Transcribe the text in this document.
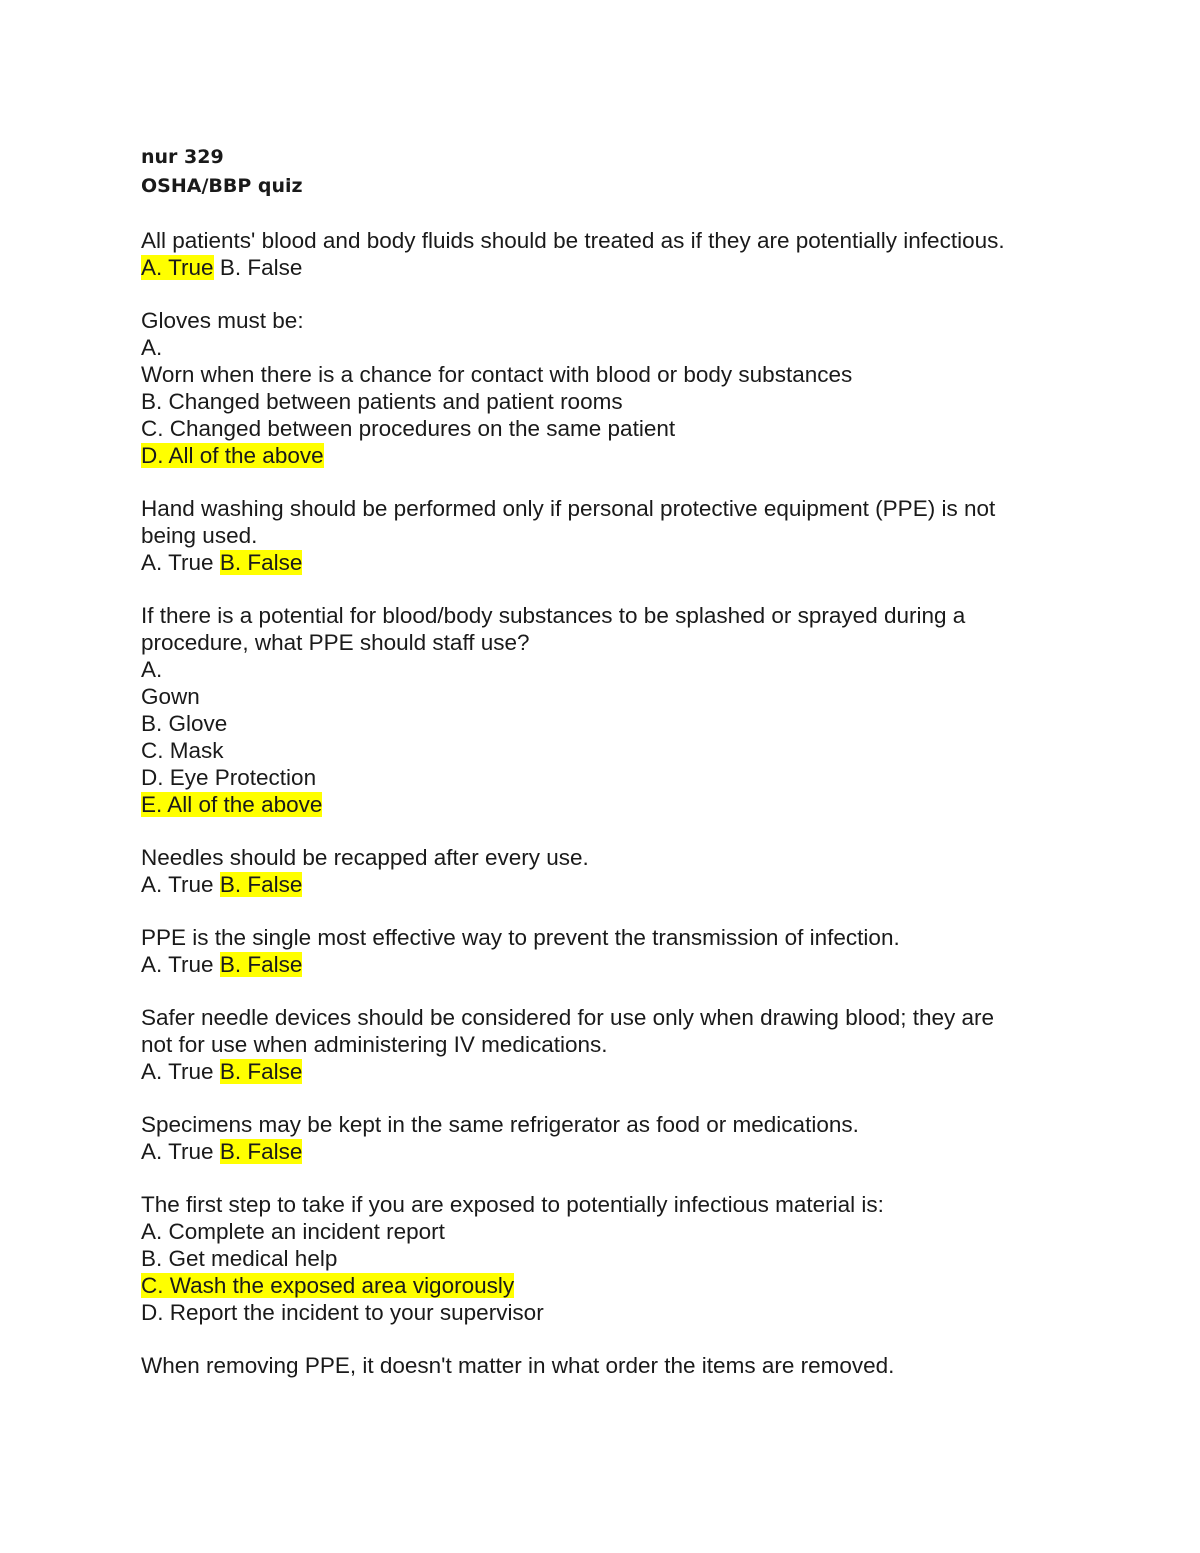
nur 329
OSHA/BBP quiz
All patients' blood and body fluids should be treated as if they are potentially infectious.
A. True B. False
Gloves must be:
A.
Worn when there is a chance for contact with blood or body substances
B. Changed between patients and patient rooms
C. Changed between procedures on the same patient
D. All of the above
Hand washing should be performed only if personal protective equipment (PPE) is not
being used.
A. True B. False
If there is a potential for blood/body substances to be splashed or sprayed during a
procedure, what PPE should staff use?
A.
Gown
B. Glove
C. Mask
D. Eye Protection
E. All of the above
Needles should be recapped after every use.
A. True B. False
PPE is the single most effective way to prevent the transmission of infection.
A. True B. False
Safer needle devices should be considered for use only when drawing blood; they are
not for use when administering IV medications.
A. True B. False
Specimens may be kept in the same refrigerator as food or medications.
A. True B. False
The first step to take if you are exposed to potentially infectious material is:
A. Complete an incident report
B. Get medical help
C. Wash the exposed area vigorously
D. Report the incident to your supervisor
When removing PPE, it doesn't matter in what order the items are removed.
